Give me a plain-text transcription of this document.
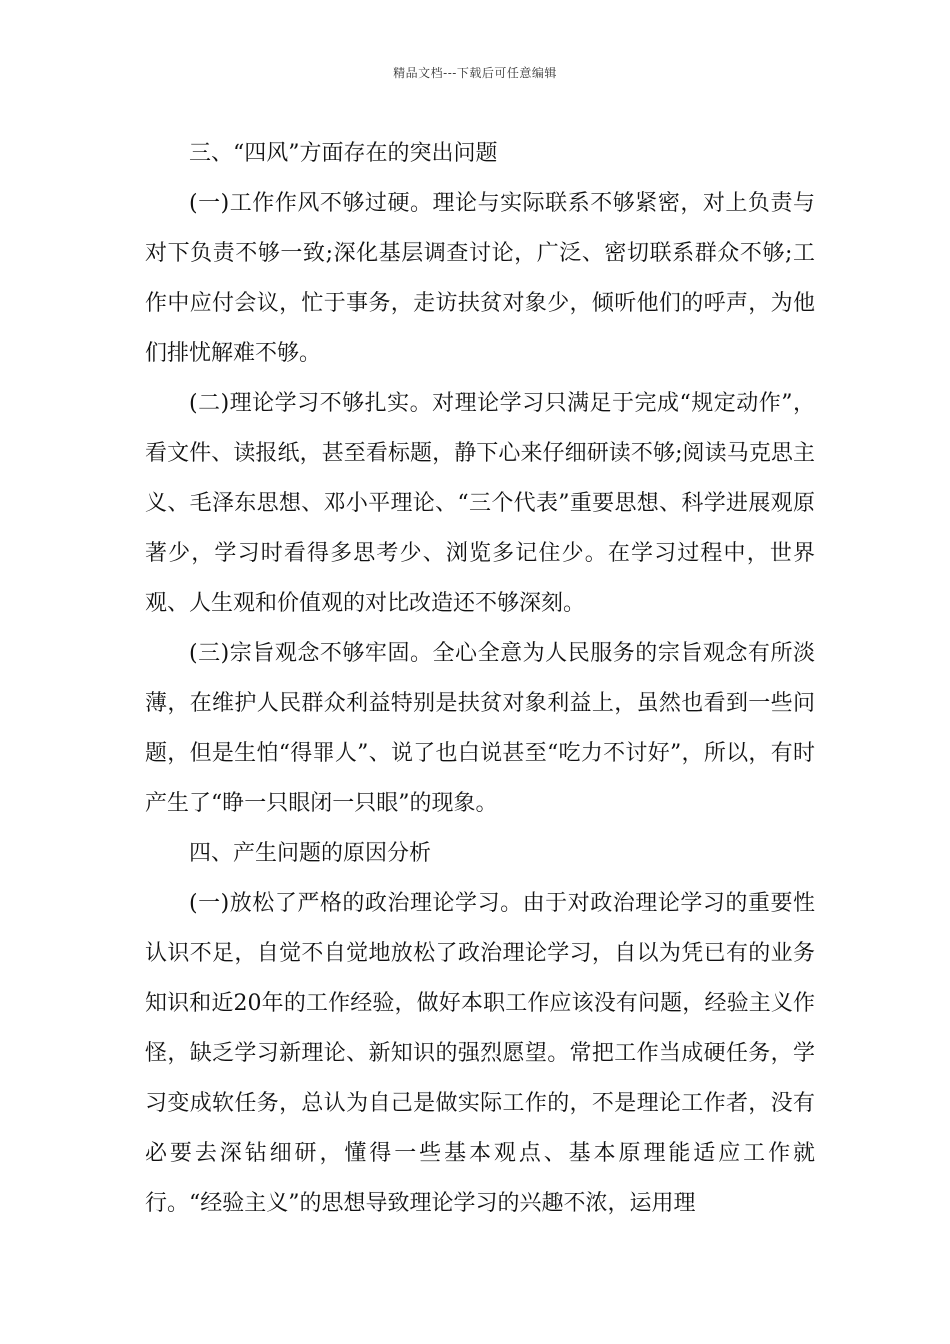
精品文档---下载后可任意编辑

三、“四风”方面存在的突出问题

(一)工作作风不够过硬。理论与实际联系不够紧密，对上负责与对下负责不够一致;深化基层调查讨论，广泛、密切联系群众不够;工作中应付会议，忙于事务，走访扶贫对象少，倾听他们的呼声，为他们排忧解难不够。

(二)理论学习不够扎实。对理论学习只满足于完成“规定动作”，看文件、读报纸，甚至看标题，静下心来仔细研读不够;阅读马克思主义、毛泽东思想、邓小平理论、“三个代表”重要思想、科学进展观原著少，学习时看得多思考少、浏览多记住少。在学习过程中，世界观、人生观和价值观的对比改造还不够深刻。

(三)宗旨观念不够牢固。全心全意为人民服务的宗旨观念有所淡薄，在维护人民群众利益特别是扶贫对象利益上，虽然也看到一些问题，但是生怕“得罪人”、说了也白说甚至“吃力不讨好”，所以，有时产生了“睁一只眼闭一只眼”的现象。

四、产生问题的原因分析

(一)放松了严格的政治理论学习。由于对政治理论学习的重要性认识不足，自觉不自觉地放松了政治理论学习，自以为凭已有的业务知识和近20年的工作经验，做好本职工作应该没有问题，经验主义作怪，缺乏学习新理论、新知识的强烈愿望。常把工作当成硬任务，学习变成软任务，总认为自己是做实际工作的，不是理论工作者，没有必要去深钻细研，懂得一些基本观点、基本原理能适应工作就行。“经验主义”的思想导致理论学习的兴趣不浓，运用理
